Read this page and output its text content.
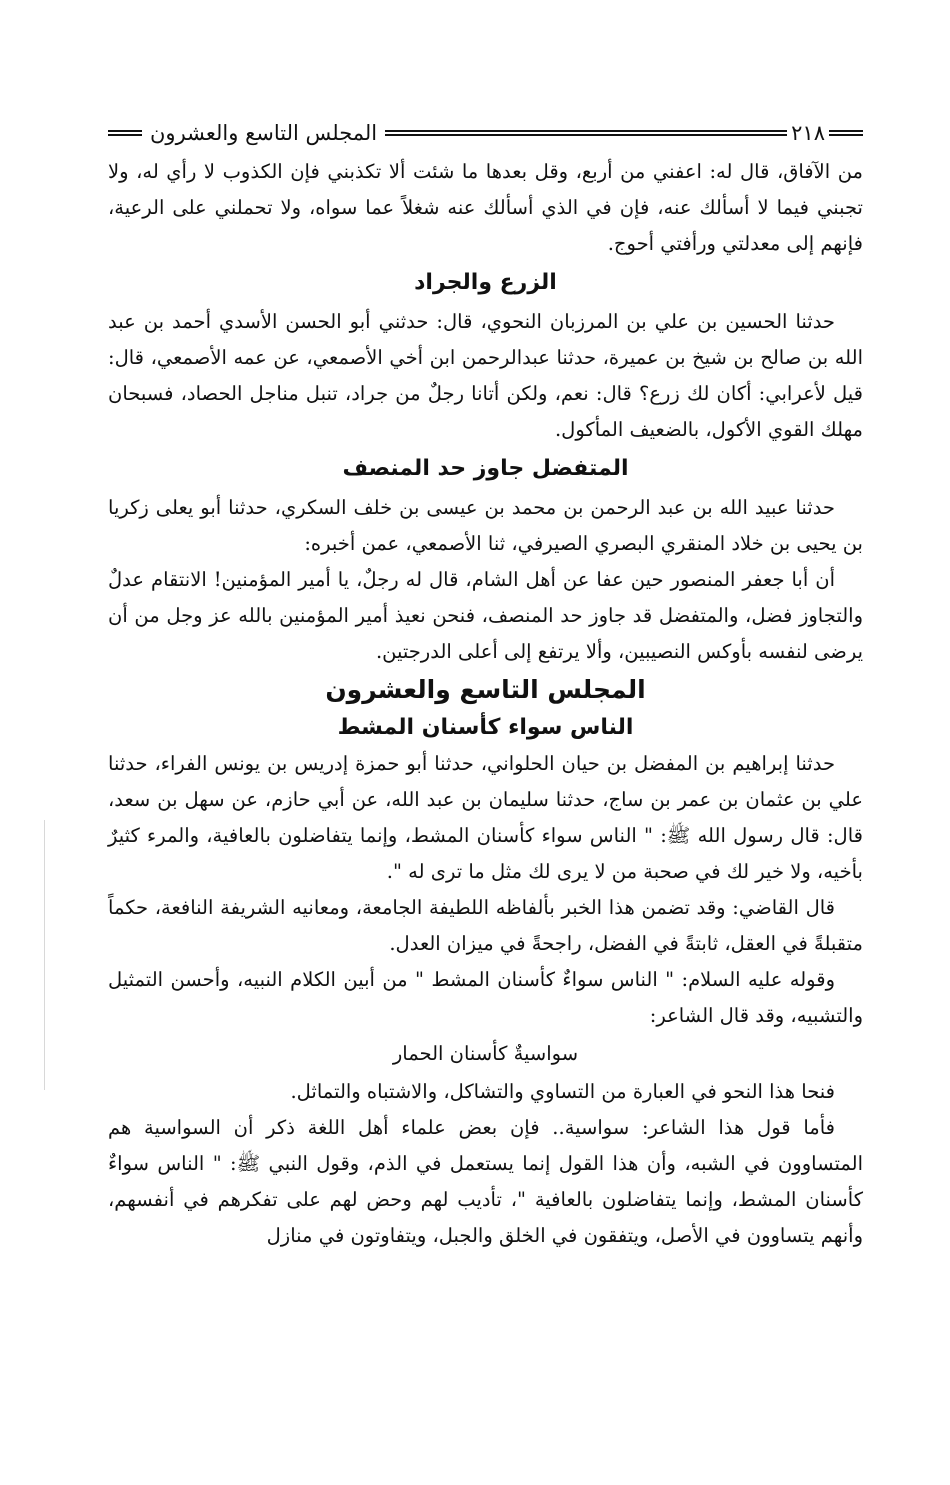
٢١٨
المجلس التاسع والعشرون

من الآفاق، قال له: اعفني من أربع، وقل بعدها ما شئت ألا تكذبني فإن الكذوب لا رأي له، ولا تجبني فيما لا أسألك عنه، فإن في الذي أسألك عنه شغلاً عما سواه، ولا تحملني على الرعية، فإنهم إلى معدلتي ورأفتي أحوج.

الزرع والجراد

حدثنا الحسين بن علي بن المرزبان النحوي، قال: حدثني أبو الحسن الأسدي أحمد بن عبد الله بن صالح بن شيخ بن عميرة، حدثنا عبدالرحمن ابن أخي الأصمعي، عن عمه الأصمعي، قال: قيل لأعرابي: أكان لك زرع؟ قال: نعم، ولكن أتانا رجلٌ من جراد، تنبل مناجل الحصاد، فسبحان مهلك القوي الأكول، بالضعيف المأكول.

المتفضل جاوز حد المنصف

حدثنا عبيد الله بن عبد الرحمن بن محمد بن عيسى بن خلف السكري، حدثنا أبو يعلى زكريا بن يحيى بن خلاد المنقري البصري الصيرفي، ثنا الأصمعي، عمن أخبره:

أن أبا جعفر المنصور حين عفا عن أهل الشام، قال له رجلٌ، يا أمير المؤمنين! الانتقام عدلٌ والتجاوز فضل، والمتفضل قد جاوز حد المنصف، فنحن نعيذ أمير المؤمنين بالله عز وجل من أن يرضى لنفسه بأوكس النصيبين، وألا يرتفع إلى أعلى الدرجتين.

المجلس التاسع والعشرون
الناس سواء كأسنان المشط

حدثنا إبراهيم بن المفضل بن حيان الحلواني، حدثنا أبو حمزة إدريس بن يونس الفراء، حدثنا علي بن عثمان بن عمر بن ساج، حدثنا سليمان بن عبد الله، عن أبي حازم، عن سهل بن سعد، قال: قال رسول الله ﷺ: " الناس سواء كأسنان المشط، وإنما يتفاضلون بالعافية، والمرء كثيرٌ بأخيه، ولا خير لك في صحبة من لا يرى لك مثل ما ترى له ".

قال القاضي: وقد تضمن هذا الخبر بألفاظه اللطيفة الجامعة، ومعانيه الشريفة النافعة، حكماً متقبلةً في العقل، ثابتةً في الفضل، راجحةً في ميزان العدل.

وقوله عليه السلام: " الناس سواءٌ كأسنان المشط " من أبين الكلام النبيه، وأحسن التمثيل والتشبيه، وقد قال الشاعر:

سواسيةٌ كأسنان الحمار

فنحا هذا النحو في العبارة من التساوي والتشاكل، والاشتباه والتماثل.

فأما قول هذا الشاعر: سواسية.. فإن بعض علماء أهل اللغة ذكر أن السواسية هم المتساوون في الشبه، وأن هذا القول إنما يستعمل في الذم، وقول النبي ﷺ: " الناس سواءٌ كأسنان المشط، وإنما يتفاضلون بالعافية "، تأديب لهم وحض لهم على تفكرهم في أنفسهم، وأنهم يتساوون في الأصل، ويتفقون في الخلق والجبل، ويتفاوتون في منازل
